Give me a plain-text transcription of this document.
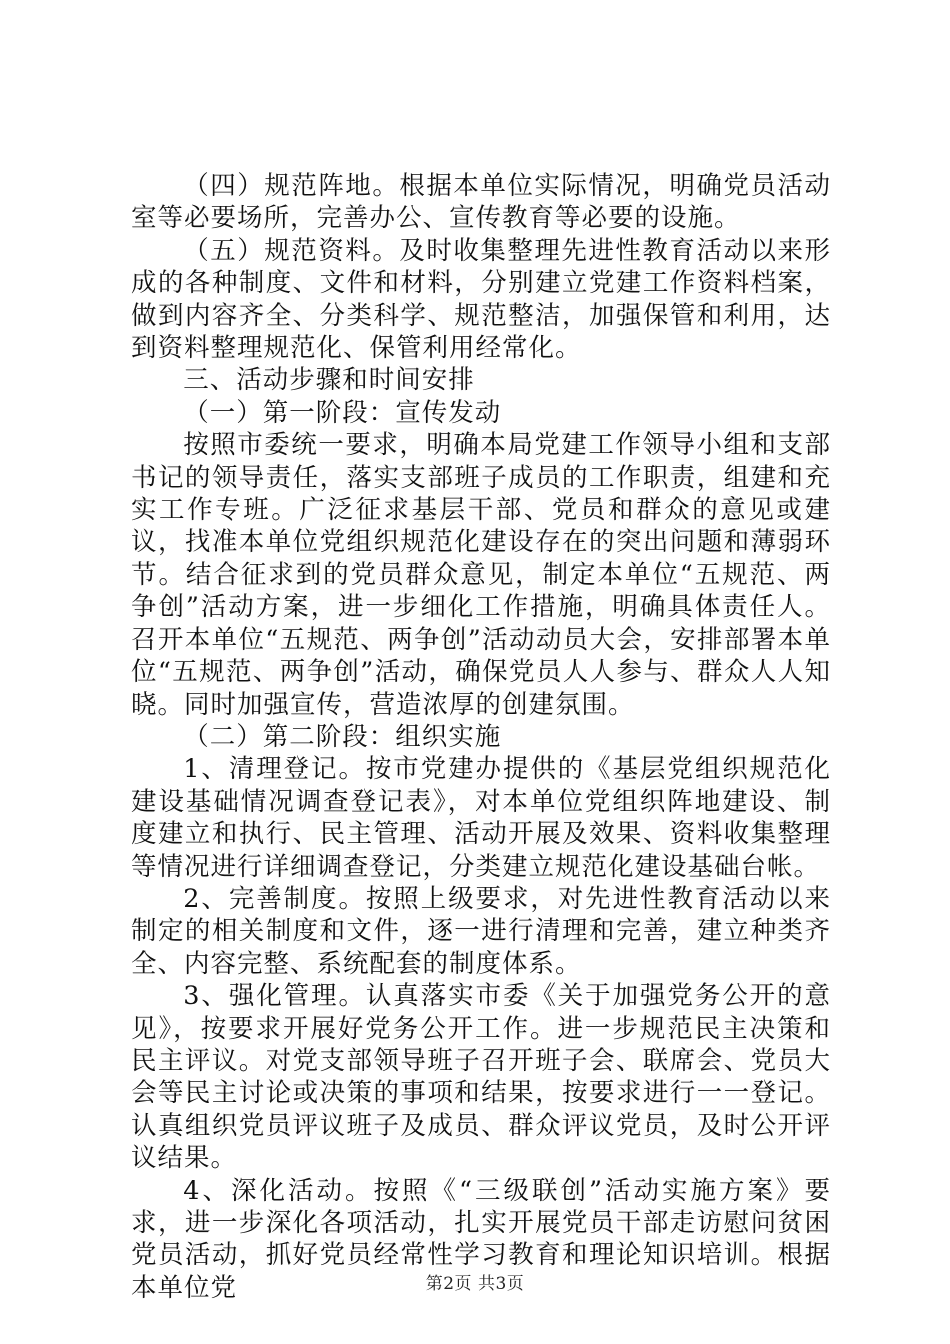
（四）规范阵地。根据本单位实际情况，明确党员活动室等必要场所，完善办公、宣传教育等必要的设施。

（五）规范资料。及时收集整理先进性教育活动以来形成的各种制度、文件和材料，分别建立党建工作资料档案，做到内容齐全、分类科学、规范整洁，加强保管和利用，达到资料整理规范化、保管利用经常化。

三、活动步骤和时间安排

（一）第一阶段：宣传发动

按照市委统一要求，明确本局党建工作领导小组和支部书记的领导责任，落实支部班子成员的工作职责，组建和充实工作专班。广泛征求基层干部、党员和群众的意见或建议，找准本单位党组织规范化建设存在的突出问题和薄弱环节。结合征求到的党员群众意见，制定本单位“五规范、两争创”活动方案，进一步细化工作措施，明确具体责任人。召开本单位“五规范、两争创”活动动员大会，安排部署本单位“五规范、两争创”活动，确保党员人人参与、群众人人知晓。同时加强宣传，营造浓厚的创建氛围。

（二）第二阶段：组织实施

1、清理登记。按市党建办提供的《基层党组织规范化建设基础情况调查登记表》，对本单位党组织阵地建设、制度建立和执行、民主管理、活动开展及效果、资料收集整理等情况进行详细调查登记，分类建立规范化建设基础台帐。

2、完善制度。按照上级要求，对先进性教育活动以来制定的相关制度和文件，逐一进行清理和完善，建立种类齐全、内容完整、系统配套的制度体系。

3、强化管理。认真落实市委《关于加强党务公开的意见》，按要求开展好党务公开工作。进一步规范民主决策和民主评议。对党支部领导班子召开班子会、联席会、党员大会等民主讨论或决策的事项和结果，按要求进行一一登记。认真组织党员评议班子及成员、群众评议党员，及时公开评议结果。

4、深化活动。按照《“三级联创”活动实施方案》要求，进一步深化各项活动，扎实开展党员干部走访慰问贫困党员活动，抓好党员经常性学习教育和理论知识培训。根据本单位党	第2页 共3页
